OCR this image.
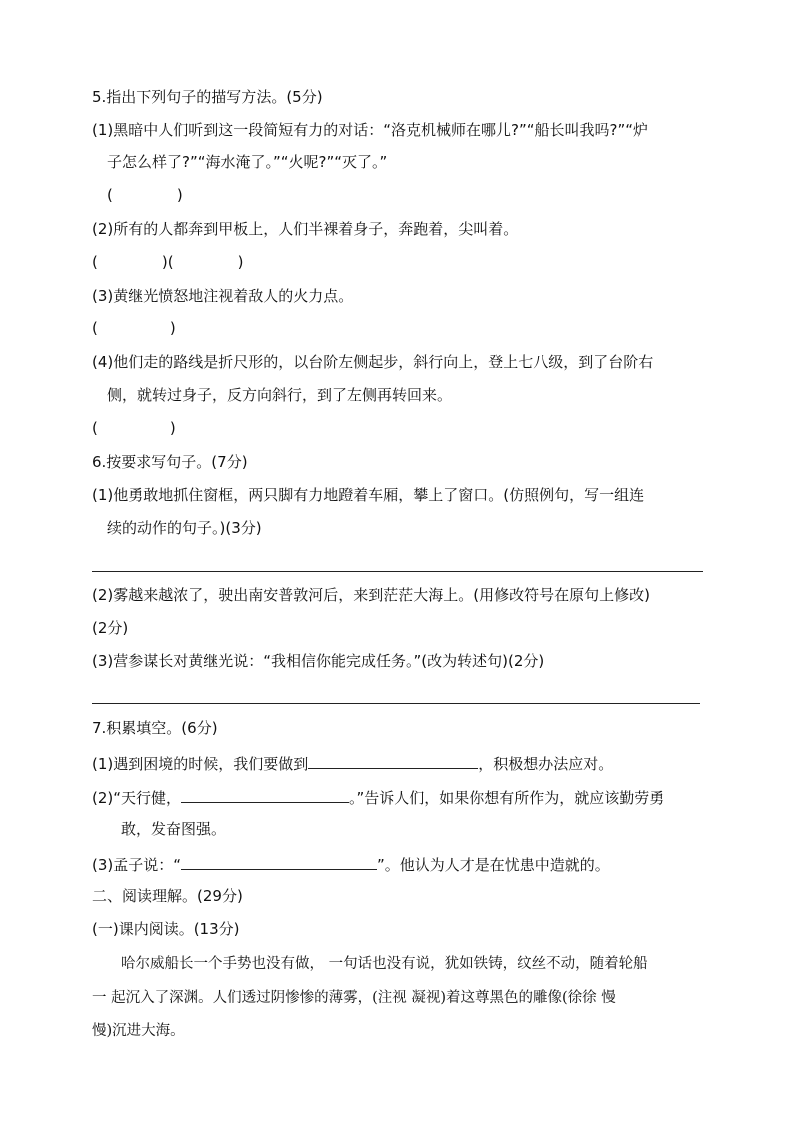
5.指出下列句子的描写方法。(5分)
(1)黑暗中人们听到这一段简短有力的对话：“洛克机械师在哪儿?”“船长叫我吗?”“炉
子怎么样了?”“海水淹了。”“火呢?”“灭了。”
(	)
(2)所有的人都奔到甲板上，人们半裸着身子，奔跑着，尖叫着。
(	)(	)
(3)黄继光愤怒地注视着敌人的火力点。
(	)
(4)他们走的路线是折尺形的，以台阶左侧起步，斜行向上，登上七八级，到了台阶右
侧，就转过身子，反方向斜行，到了左侧再转回来。
(	)
6.按要求写句子。(7分)
(1)他勇敢地抓住窗框，两只脚有力地蹬着车厢，攀上了窗口。(仿照例句，写一组连
续的动作的句子。)(3分)
(2)雾越来越浓了，驶出南安普敦河后，来到茫茫大海上。(用修改符号在原句上修改)
(2分)
(3)营参谋长对黄继光说：“我相信你能完成任务。”(改为转述句)(2分)
7.积累填空。(6分)
(1)遇到困境的时候，我们要做到	，积极想办法应对。
(2)“天行健，	。”告诉人们，如果你想有所作为，就应该勤劳勇
敢，发奋图强。
(3)孟子说：“	”。他认为人才是在忧患中造就的。
二、阅读理解。(29分)
(一)课内阅读。(13分)
哈尔威船长一个手势也没有做， 一句话也没有说，犹如铁铸，纹丝不动，随着轮船
一 起沉入了深渊。人们透过阴惨惨的薄雾，(注视 凝视)着这尊黑色的雕像(徐徐 慢
慢)沉进大海。
